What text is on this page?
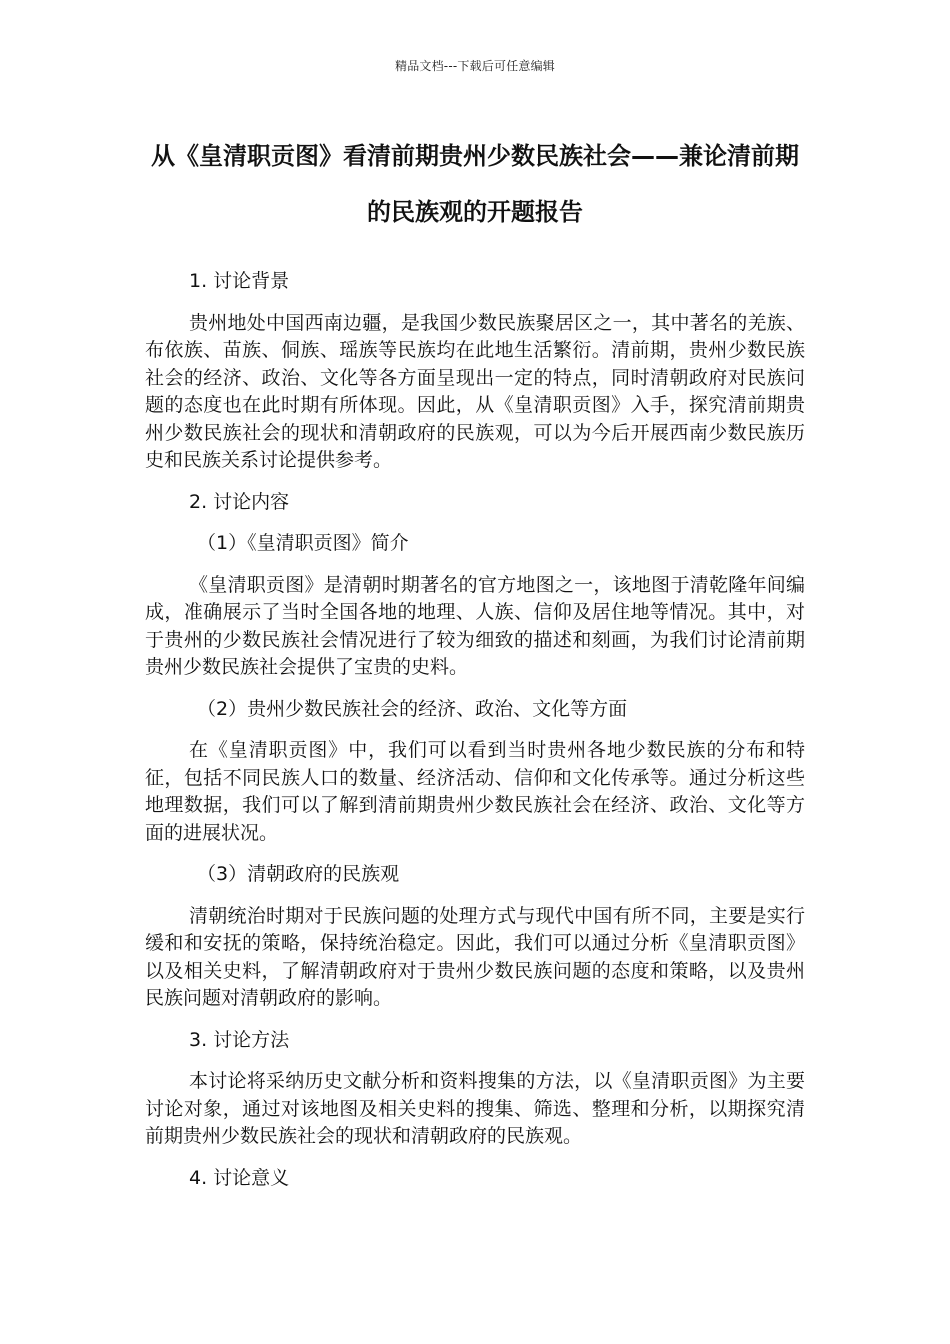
精品文档---下载后可任意编辑
从《皇清职贡图》看清前期贵州少数民族社会——兼论清前期的民族观的开题报告

1. 讨论背景

贵州地处中国西南边疆，是我国少数民族聚居区之一，其中著名的羌族、布依族、苗族、侗族、瑶族等民族均在此地生活繁衍。清前期，贵州少数民族社会的经济、政治、文化等各方面呈现出一定的特点，同时清朝政府对民族问题的态度也在此时期有所体现。因此，从《皇清职贡图》入手，探究清前期贵州少数民族社会的现状和清朝政府的民族观，可以为今后开展西南少数民族历史和民族关系讨论提供参考。

2. 讨论内容

（1）《皇清职贡图》简介

《皇清职贡图》是清朝时期著名的官方地图之一，该地图于清乾隆年间编成，准确展示了当时全国各地的地理、人族、信仰及居住地等情况。其中，对于贵州的少数民族社会情况进行了较为细致的描述和刻画，为我们讨论清前期贵州少数民族社会提供了宝贵的史料。

（2）贵州少数民族社会的经济、政治、文化等方面

在《皇清职贡图》中，我们可以看到当时贵州各地少数民族的分布和特征，包括不同民族人口的数量、经济活动、信仰和文化传承等。通过分析这些地理数据，我们可以了解到清前期贵州少数民族社会在经济、政治、文化等方面的进展状况。

（3）清朝政府的民族观

清朝统治时期对于民族问题的处理方式与现代中国有所不同，主要是实行缓和和安抚的策略，保持统治稳定。因此，我们可以通过分析《皇清职贡图》以及相关史料，了解清朝政府对于贵州少数民族问题的态度和策略，以及贵州民族问题对清朝政府的影响。

3. 讨论方法

本讨论将采纳历史文献分析和资料搜集的方法，以《皇清职贡图》为主要讨论对象，通过对该地图及相关史料的搜集、筛选、整理和分析，以期探究清前期贵州少数民族社会的现状和清朝政府的民族观。

4. 讨论意义
